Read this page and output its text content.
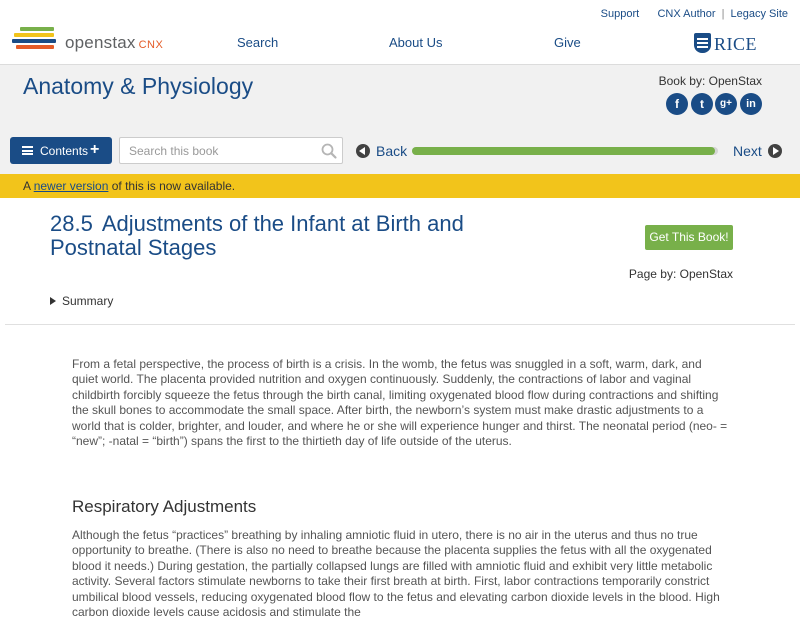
openstax CNX
Support CNX Author | Legacy Site
Search	About Us	Give	RICE
Anatomy & Physiology	Book by: OpenStax
f	t	g+	in
Contents +
Search this book	Back	Next
A newer version of this is now available.
28.5 Adjustments of the Infant at Birth and Postnatal Stages	Get This Book!
Page by: OpenStax
Summary

From a fetal perspective, the process of birth is a crisis. In the womb, the fetus was snuggled in a soft, warm, dark, and quiet world. The placenta provided nutrition and oxygen continuously. Suddenly, the contractions of labor and vaginal childbirth forcibly squeeze the fetus through the birth canal, limiting oxygenated blood flow during contractions and shifting the skull bones to accommodate the small space. After birth, the newborn’s system must make drastic adjustments to a world that is colder, brighter, and louder, and where he or she will experience hunger and thirst. The neonatal period (neo- = “new”; -natal = “birth”) spans the first to the thirtieth day of life outside of the uterus.

Respiratory Adjustments

Although the fetus “practices” breathing by inhaling amniotic fluid in utero, there is no air in the uterus and thus no true opportunity to breathe. (There is also no need to breathe because the placenta supplies the fetus with all the oxygenated blood it needs.) During gestation, the partially collapsed lungs are filled with amniotic fluid and exhibit very little metabolic activity. Several factors stimulate newborns to take their first breath at birth. First, labor contractions temporarily constrict umbilical blood vessels, reducing oxygenated blood flow to the fetus and elevating carbon dioxide levels in the blood. High carbon dioxide levels cause acidosis and stimulate the
